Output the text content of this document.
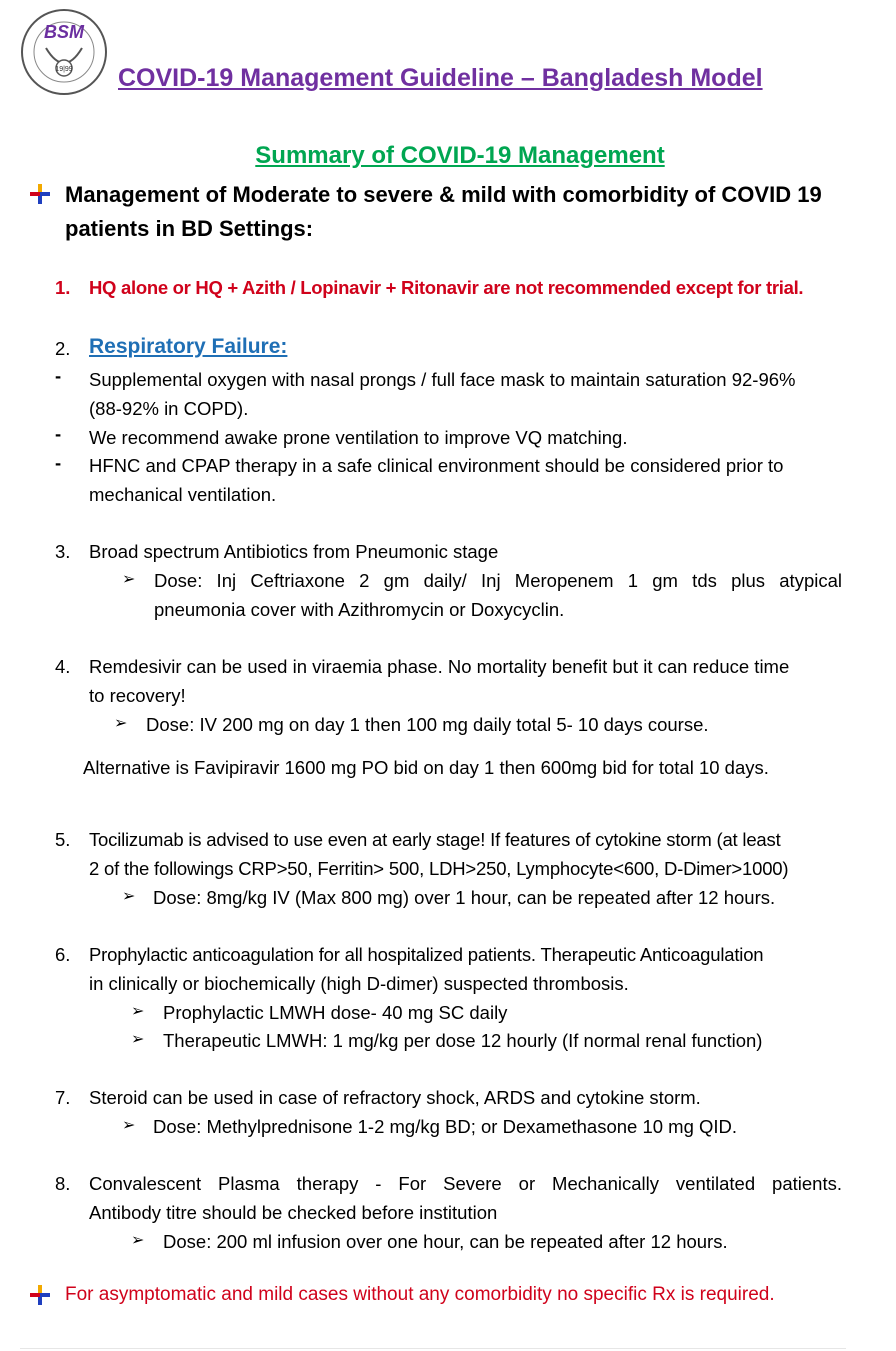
BSM
19|99 COVID-19 Management Guideline – Bangladesh Model
Summary of COVID-19 Management
Management of Moderate to severe & mild with comorbidity of COVID 19
patients in BD Settings:
1. HQ alone or HQ + Azith / Lopinavir + Ritonavir are not recommended except for trial.
2. Respiratory Failure:
- Supplemental oxygen with nasal prongs / full face mask to maintain saturation 92-96%
(88-92% in COPD).
- We recommend awake prone ventilation to improve VQ matching.
- HFNC and CPAP therapy in a safe clinical environment should be considered prior to
mechanical ventilation.
3. Broad spectrum Antibiotics from Pneumonic stage
➢ Dose: Inj Ceftriaxone 2 gm daily/ Inj Meropenem 1 gm tds plus atypical
pneumonia cover with Azithromycin or Doxycyclin.
4. Remdesivir can be used in viraemia phase. No mortality benefit but it can reduce time
to recovery!
➢ Dose: IV 200 mg on day 1 then 100 mg daily total 5- 10 days course.
Alternative is Favipiravir 1600 mg PO bid on day 1 then 600mg bid for total 10 days.
5. Tocilizumab is advised to use even at early stage! If features of cytokine storm (at least
2 of the followings CRP>50, Ferritin> 500, LDH>250, Lymphocyte<600, D-Dimer>1000)
➢ Dose: 8mg/kg IV (Max 800 mg) over 1 hour, can be repeated after 12 hours.
6. Prophylactic anticoagulation for all hospitalized patients. Therapeutic Anticoagulation
in clinically or biochemically (high D-dimer) suspected thrombosis.
➢ Prophylactic LMWH dose- 40 mg SC daily
➢ Therapeutic LMWH: 1 mg/kg per dose 12 hourly (If normal renal function)
7. Steroid can be used in case of refractory shock, ARDS and cytokine storm.
➢ Dose: Methylprednisone 1-2 mg/kg BD; or Dexamethasone 10 mg QID.
8. Convalescent Plasma therapy - For Severe or Mechanically ventilated patients.
Antibody titre should be checked before institution
➢ Dose: 200 ml infusion over one hour, can be repeated after 12 hours.
For asymptomatic and mild cases without any comorbidity no specific Rx is required.
